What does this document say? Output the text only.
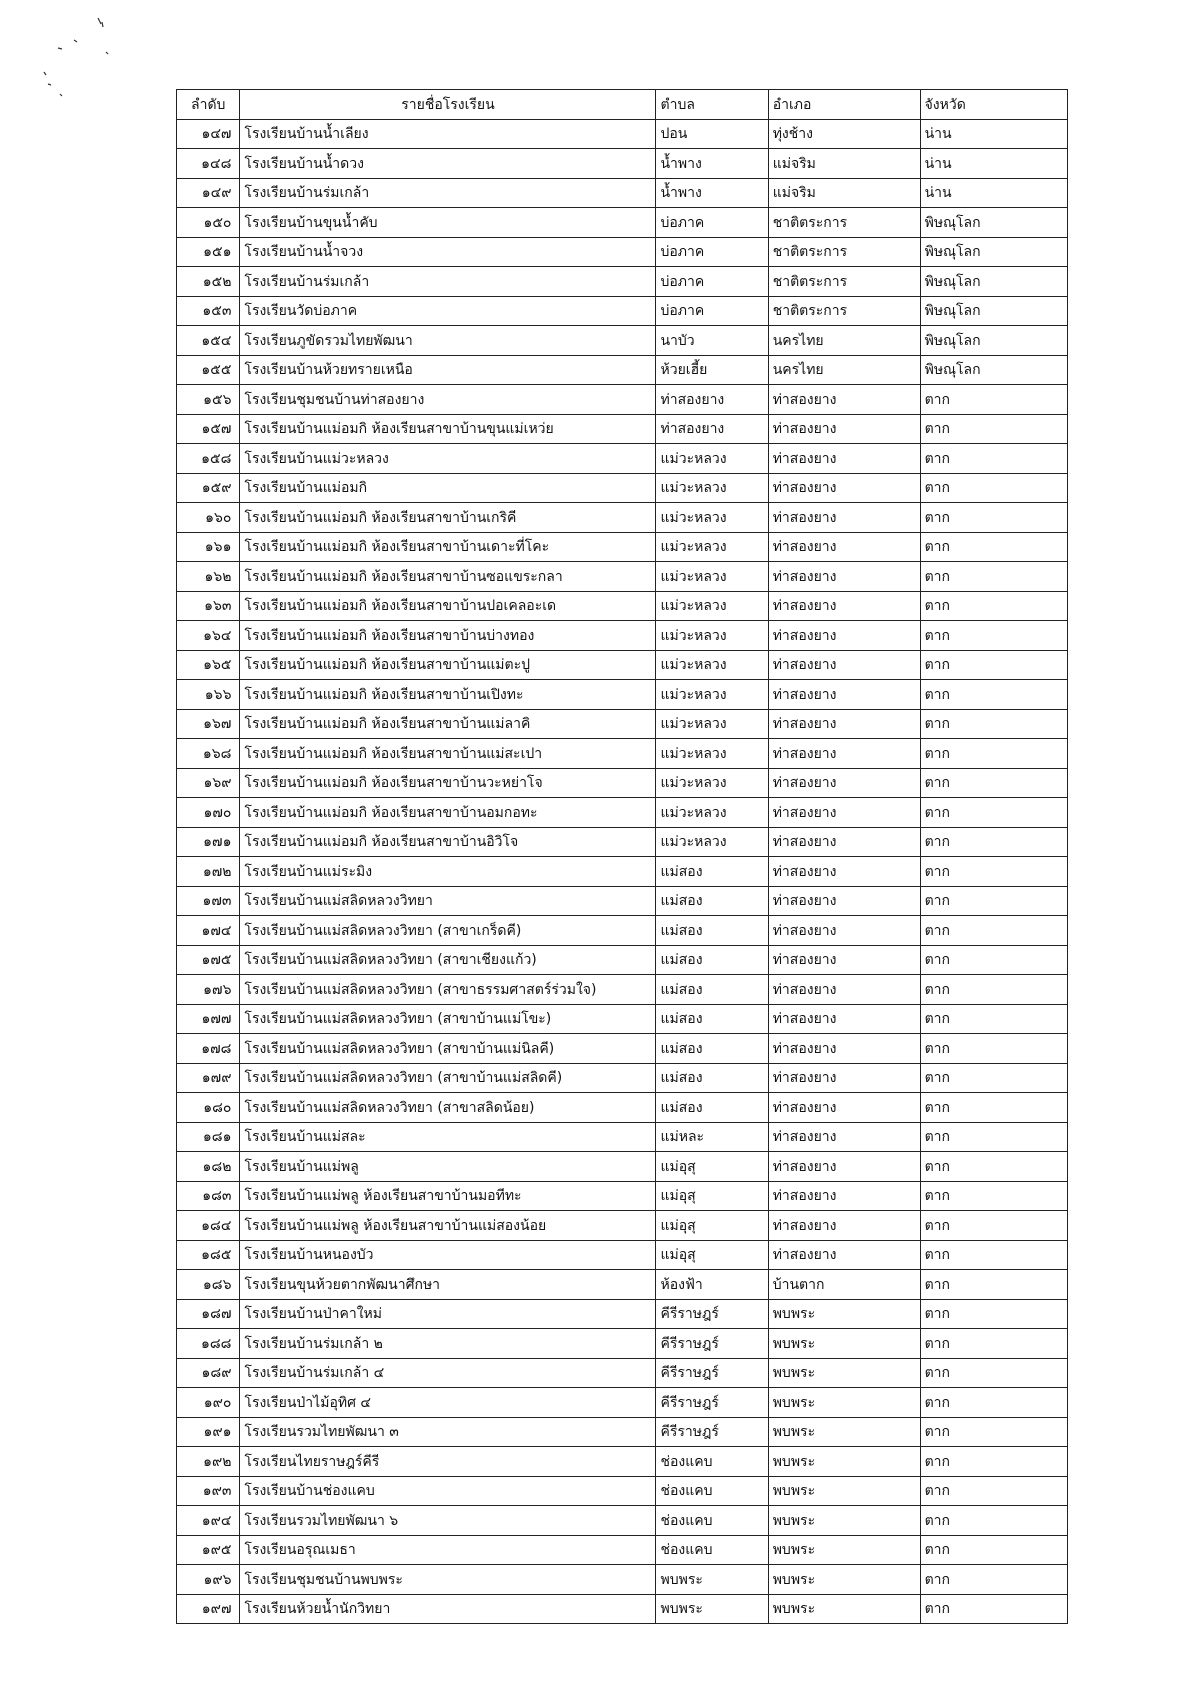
ลำดับ	รายชื่อโรงเรียน	ตำบล	อำเภอ	จังหวัด
๑๔๗	โรงเรียนบ้านน้ำเลียง	ปอน	ทุ่งช้าง	น่าน
๑๔๘	โรงเรียนบ้านน้ำดวง	น้ำพาง	แม่จริม	น่าน
๑๔๙	โรงเรียนบ้านร่มเกล้า	น้ำพาง	แม่จริม	น่าน
๑๕๐	โรงเรียนบ้านขุนน้ำคับ	บ่อภาค	ชาติตระการ	พิษณุโลก
๑๕๑	โรงเรียนบ้านน้ำจวง	บ่อภาค	ชาติตระการ	พิษณุโลก
๑๕๒	โรงเรียนบ้านร่มเกล้า	บ่อภาค	ชาติตระการ	พิษณุโลก
๑๕๓	โรงเรียนวัดบ่อภาค	บ่อภาค	ชาติตระการ	พิษณุโลก
๑๕๔	โรงเรียนภูขัดรวมไทยพัฒนา	นาบัว	นครไทย	พิษณุโลก
๑๕๕	โรงเรียนบ้านห้วยทรายเหนือ	ห้วยเฮี้ย	นครไทย	พิษณุโลก
๑๕๖	โรงเรียนชุมชนบ้านท่าสองยาง	ท่าสองยาง	ท่าสองยาง	ตาก
๑๕๗	โรงเรียนบ้านแม่อมกิ ห้องเรียนสาขาบ้านขุนแม่เหว่ย	ท่าสองยาง	ท่าสองยาง	ตาก
๑๕๘	โรงเรียนบ้านแม่วะหลวง	แม่วะหลวง	ท่าสองยาง	ตาก
๑๕๙	โรงเรียนบ้านแม่อมกิ	แม่วะหลวง	ท่าสองยาง	ตาก
๑๖๐	โรงเรียนบ้านแม่อมกิ ห้องเรียนสาขาบ้านเกริคี	แม่วะหลวง	ท่าสองยาง	ตาก
๑๖๑	โรงเรียนบ้านแม่อมกิ ห้องเรียนสาขาบ้านเดาะที่โคะ	แม่วะหลวง	ท่าสองยาง	ตาก
๑๖๒	โรงเรียนบ้านแม่อมกิ ห้องเรียนสาขาบ้านซอแขระกลา	แม่วะหลวง	ท่าสองยาง	ตาก
๑๖๓	โรงเรียนบ้านแม่อมกิ ห้องเรียนสาขาบ้านปอเคลอะเด	แม่วะหลวง	ท่าสองยาง	ตาก
๑๖๔	โรงเรียนบ้านแม่อมกิ ห้องเรียนสาขาบ้านบ่างทอง	แม่วะหลวง	ท่าสองยาง	ตาก
๑๖๕	โรงเรียนบ้านแม่อมกิ ห้องเรียนสาขาบ้านแม่ตะปู	แม่วะหลวง	ท่าสองยาง	ตาก
๑๖๖	โรงเรียนบ้านแม่อมกิ ห้องเรียนสาขาบ้านเปิงทะ	แม่วะหลวง	ท่าสองยาง	ตาก
๑๖๗	โรงเรียนบ้านแม่อมกิ ห้องเรียนสาขาบ้านแม่ลาคิ	แม่วะหลวง	ท่าสองยาง	ตาก
๑๖๘	โรงเรียนบ้านแม่อมกิ ห้องเรียนสาขาบ้านแม่สะเปา	แม่วะหลวง	ท่าสองยาง	ตาก
๑๖๙	โรงเรียนบ้านแม่อมกิ ห้องเรียนสาขาบ้านวะหย่าโจ	แม่วะหลวง	ท่าสองยาง	ตาก
๑๗๐	โรงเรียนบ้านแม่อมกิ ห้องเรียนสาขาบ้านอมกอทะ	แม่วะหลวง	ท่าสองยาง	ตาก
๑๗๑	โรงเรียนบ้านแม่อมกิ ห้องเรียนสาขาบ้านอิวิโจ	แม่วะหลวง	ท่าสองยาง	ตาก
๑๗๒	โรงเรียนบ้านแม่ระมิง	แม่สอง	ท่าสองยาง	ตาก
๑๗๓	โรงเรียนบ้านแม่สลิดหลวงวิทยา	แม่สอง	ท่าสองยาง	ตาก
๑๗๔	โรงเรียนบ้านแม่สลิดหลวงวิทยา (สาขาเกร็ดคี)	แม่สอง	ท่าสองยาง	ตาก
๑๗๕	โรงเรียนบ้านแม่สลิดหลวงวิทยา (สาขาเชียงแก้ว)	แม่สอง	ท่าสองยาง	ตาก
๑๗๖	โรงเรียนบ้านแม่สลิดหลวงวิทยา (สาขาธรรมศาสตร์ร่วมใจ)	แม่สอง	ท่าสองยาง	ตาก
๑๗๗	โรงเรียนบ้านแม่สลิดหลวงวิทยา (สาขาบ้านแม่โขะ)	แม่สอง	ท่าสองยาง	ตาก
๑๗๘	โรงเรียนบ้านแม่สลิดหลวงวิทยา (สาขาบ้านแม่นิลคี)	แม่สอง	ท่าสองยาง	ตาก
๑๗๙	โรงเรียนบ้านแม่สลิดหลวงวิทยา (สาขาบ้านแม่สลิดคี)	แม่สอง	ท่าสองยาง	ตาก
๑๘๐	โรงเรียนบ้านแม่สลิดหลวงวิทยา (สาขาสลิดน้อย)	แม่สอง	ท่าสองยาง	ตาก
๑๘๑	โรงเรียนบ้านแม่สละ	แม่หละ	ท่าสองยาง	ตาก
๑๘๒	โรงเรียนบ้านแม่พลู	แม่อุสุ	ท่าสองยาง	ตาก
๑๘๓	โรงเรียนบ้านแม่พลู ห้องเรียนสาขาบ้านมอทีทะ	แม่อุสุ	ท่าสองยาง	ตาก
๑๘๔	โรงเรียนบ้านแม่พลู ห้องเรียนสาขาบ้านแม่สองน้อย	แม่อุสุ	ท่าสองยาง	ตาก
๑๘๕	โรงเรียนบ้านหนองบัว	แม่อุสุ	ท่าสองยาง	ตาก
๑๘๖	โรงเรียนขุนห้วยตากพัฒนาศึกษา	ห้องฟ้า	บ้านตาก	ตาก
๑๘๗	โรงเรียนบ้านป่าคาใหม่	คีรีราษฎร์	พบพระ	ตาก
๑๘๘	โรงเรียนบ้านร่มเกล้า ๒	คีรีราษฎร์	พบพระ	ตาก
๑๘๙	โรงเรียนบ้านร่มเกล้า ๔	คีรีราษฎร์	พบพระ	ตาก
๑๙๐	โรงเรียนป่าไม้อุทิศ ๔	คีรีราษฎร์	พบพระ	ตาก
๑๙๑	โรงเรียนรวมไทยพัฒนา ๓	คีรีราษฎร์	พบพระ	ตาก
๑๙๒	โรงเรียนไทยราษฎร์คีรี	ช่องแคบ	พบพระ	ตาก
๑๙๓	โรงเรียนบ้านช่องแคบ	ช่องแคบ	พบพระ	ตาก
๑๙๔	โรงเรียนรวมไทยพัฒนา ๖	ช่องแคบ	พบพระ	ตาก
๑๙๕	โรงเรียนอรุณเมธา	ช่องแคบ	พบพระ	ตาก
๑๙๖	โรงเรียนชุมชนบ้านพบพระ	พบพระ	พบพระ	ตาก
๑๙๗	โรงเรียนห้วยน้ำนักวิทยา	พบพระ	พบพระ	ตาก
